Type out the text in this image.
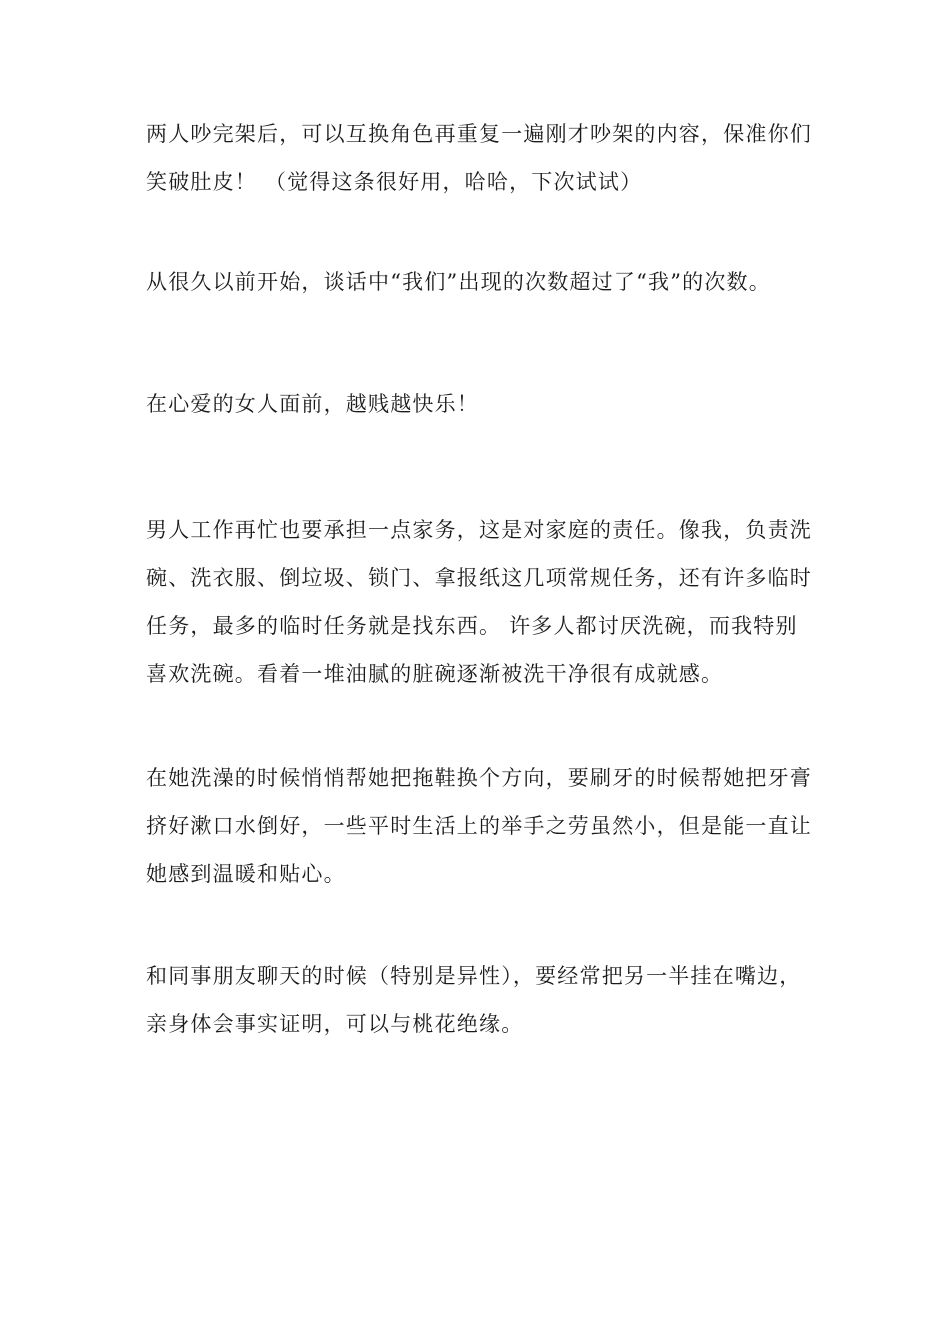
两人吵完架后，可以互换角色再重复一遍刚才吵架的内容，保准你们
笑破肚皮！ （觉得这条很好用，哈哈，下次试试）

从很久以前开始，谈话中“我们”出现的次数超过了“我”的次数。

在心爱的女人面前，越贱越快乐！

男人工作再忙也要承担一点家务，这是对家庭的责任。像我，负责洗
碗、洗衣服、倒垃圾、锁门、拿报纸这几项常规任务，还有许多临时
任务，最多的临时任务就是找东西。 许多人都讨厌洗碗，而我特别
喜欢洗碗。看着一堆油腻的脏碗逐渐被洗干净很有成就感。

在她洗澡的时候悄悄帮她把拖鞋换个方向，要刷牙的时候帮她把牙膏
挤好漱口水倒好，一些平时生活上的举手之劳虽然小，但是能一直让
她感到温暖和贴心。

和同事朋友聊天的时候（特别是异性），要经常把另一半挂在嘴边，
亲身体会事实证明，可以与桃花绝缘。
